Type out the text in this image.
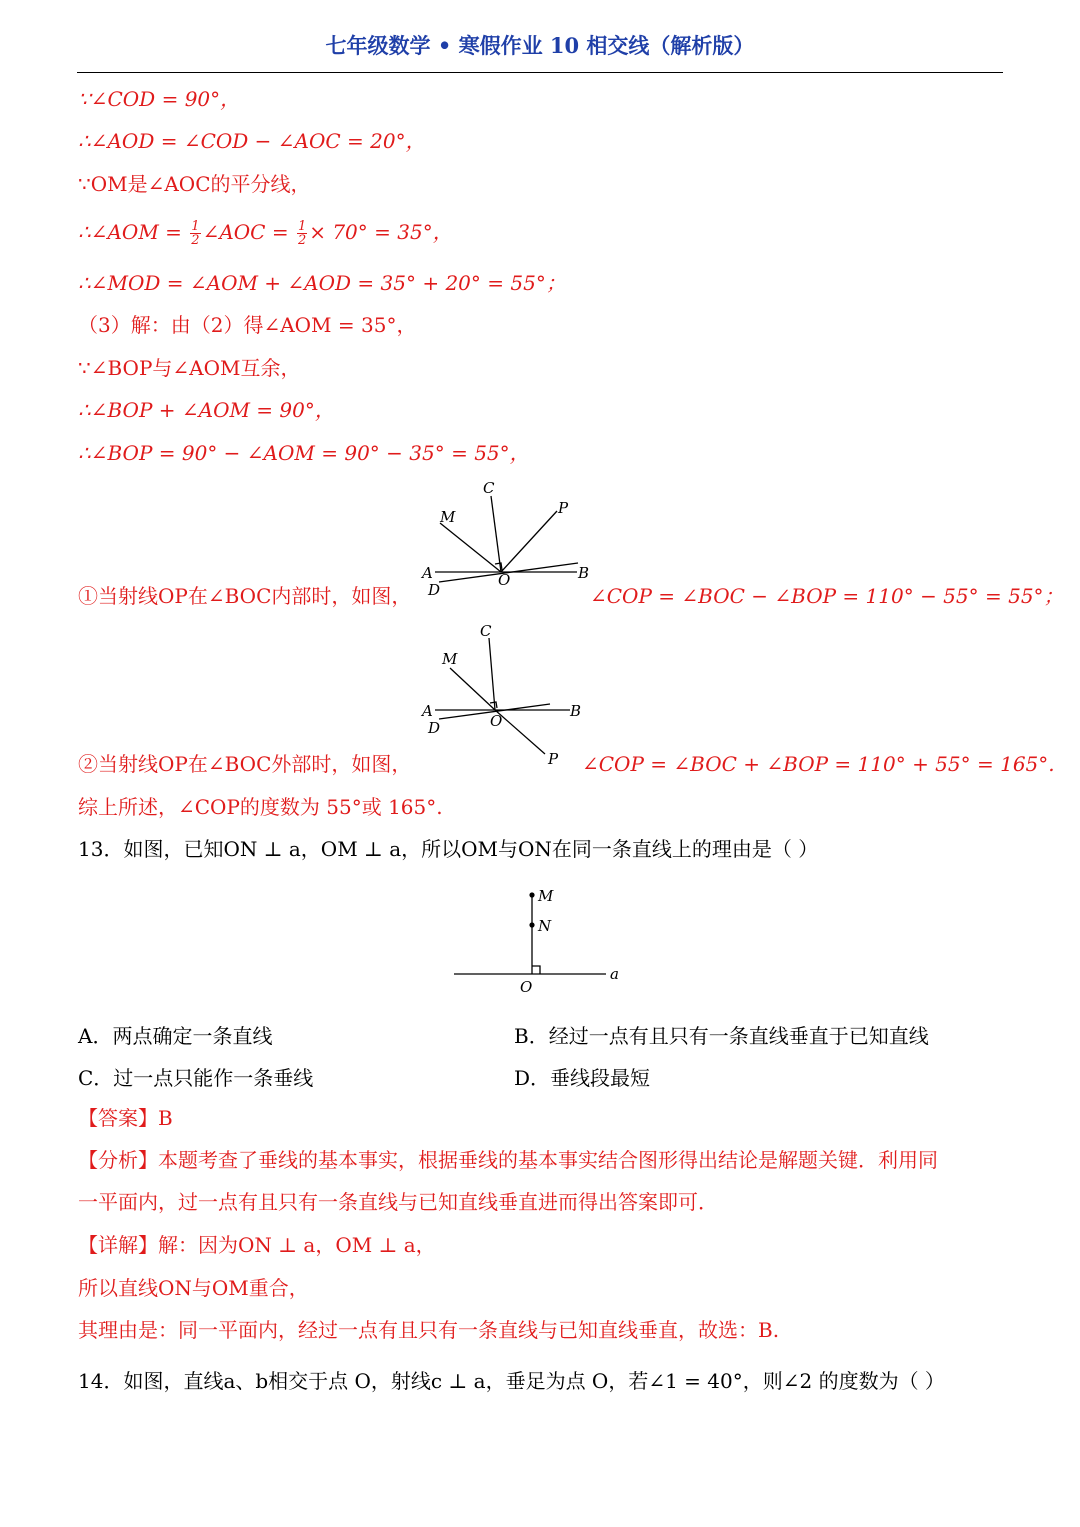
七年级数学 • 寒假作业 10 相交线（解析版）
∵∠COD = 90°，
∴∠AOD = ∠COD − ∠AOC = 20°，
∵OM是∠AOC的平分线，
∴∠AOM = $\frac{1}{2}$ ∠AOC = $\frac{1}{2} \times 70^\circ = 35^\circ$，
∴∠MOD = ∠AOM + ∠AOD = 35° + 20° = 55°；
（3）解：由（2）得∠AOM = 35°，
∵∠BOP与∠AOM互余，
∴∠BOP + ∠AOM = 90°，
∴∠BOP = 90° − ∠AOM = 90° − 35° = 55°，
C
M	P
A
D
O	B
①当射线OP在∠BOC内部时，如图，	∠COP = ∠BOC − ∠BOP = 110° − 55° = 55°；
C
M
P
A
D	O
B
②当射线OP在∠BOC外部时，如图，	∠COP = ∠BOC + ∠BOP = 110° + 55° = 165°.
综上所述，∠COP的度数为 55°或 165°.
13．如图，已知ON ⊥ a，OM ⊥ a，所以OM与ON在同一条直线上的理由是（ ）
M
N
a
O
A．两点确定一条直线	B．经过一点有且只有一条直线垂直于已知直线
C．过一点只能作一条垂线	D．垂线段最短
【答案】B
【分析】本题考查了垂线的基本事实，根据垂线的基本事实结合图形得出结论是解题关键．利用同
一平面内，过一点有且只有一条直线与已知直线垂直进而得出答案即可．
【详解】解：因为ON ⊥ a，OM ⊥ a，
所以直线ON与OM重合，
其理由是：同一平面内，经过一点有且只有一条直线与已知直线垂直，故选：B.
14．如图，直线a、b相交于点 O，射线c ⊥ a，垂足为点 O，若∠1 = 40°，则∠2 的度数为（ ）
